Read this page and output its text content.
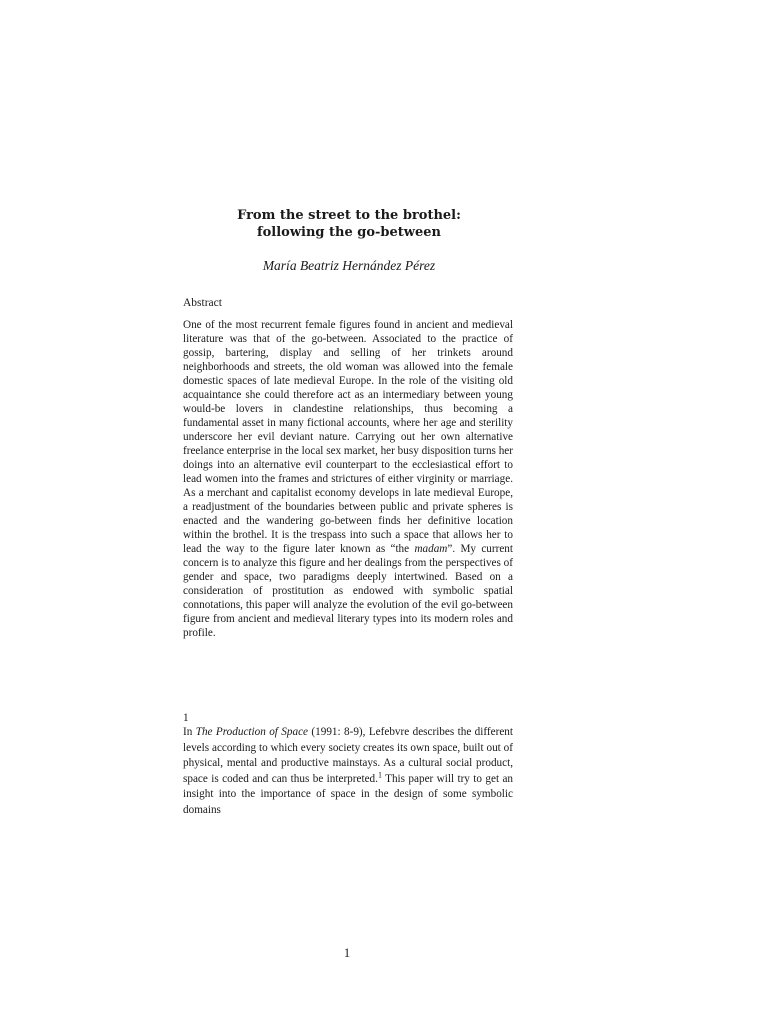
From the street to the brothel:
following the go-between
María Beatriz Hernández Pérez
Abstract
One of the most recurrent female figures found in ancient and medieval literature was that of the go-between. Associated to the practice of gossip, bartering, display and selling of her trinkets around neighborhoods and streets, the old woman was allowed into the female domestic spaces of late medieval Europe. In the role of the visiting old acquaintance she could therefore act as an intermediary between young would-be lovers in clandestine relationships, thus becoming a fundamental asset in many fictional accounts, where her age and sterility underscore her evil deviant nature. Carrying out her own alternative freelance enterprise in the local sex market, her busy disposition turns her doings into an alternative evil counterpart to the ecclesiastical effort to lead women into the frames and strictures of either virginity or marriage. As a merchant and capitalist economy develops in late medieval Europe, a readjustment of the boundaries between public and private spheres is enacted and the wandering go-between finds her definitive location within the brothel. It is the trespass into such a space that allows her to lead the way to the figure later known as “the madam”. My current concern is to analyze this figure and her dealings from the perspectives of gender and space, two paradigms deeply intertwined. Based on a consideration of prostitution as endowed with symbolic spatial connotations, this paper will analyze the evolution of the evil go-between figure from ancient and medieval literary types into its modern roles and profile.
1
In The Production of Space (1991: 8-9), Lefebvre describes the different levels according to which every society creates its own space, built out of physical, mental and productive mainstays. As a cultural social product, space is coded and can thus be interpreted.$^1$ This paper will try to get an insight into the importance of space in the design of some symbolic domains
1
